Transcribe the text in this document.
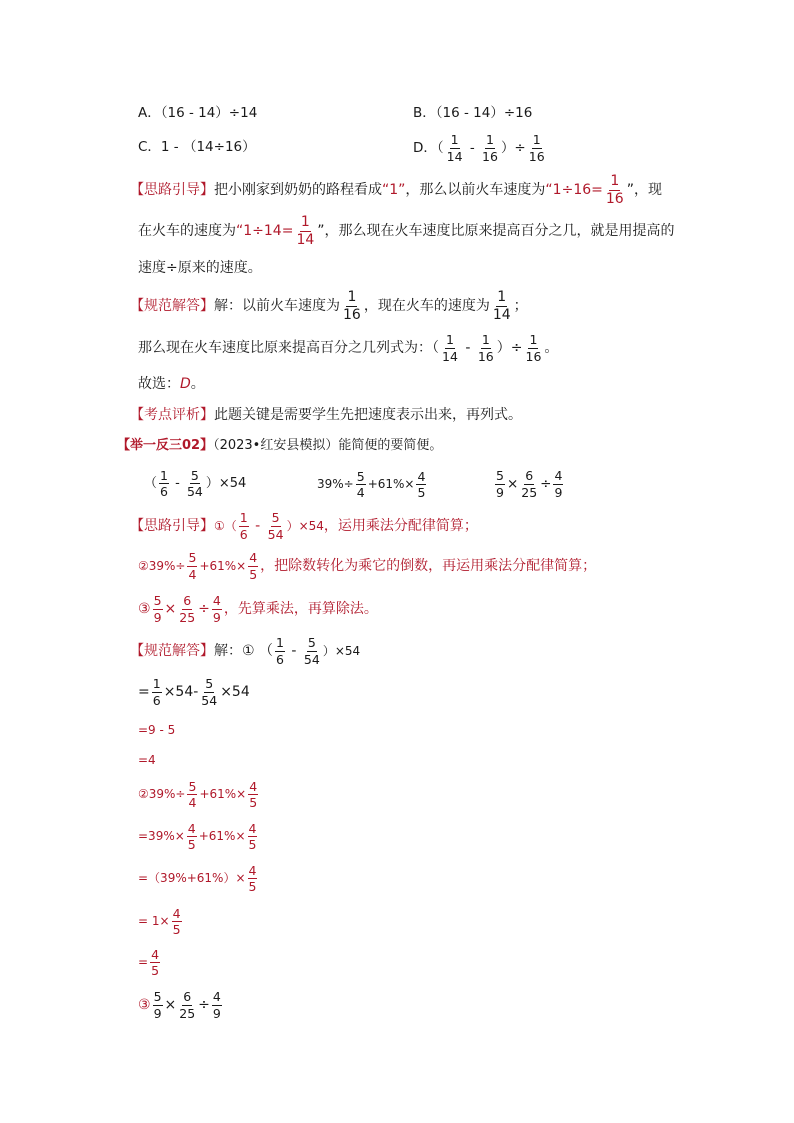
A．（16 - 14）÷14	B．（16 - 14）÷16
C．1 - （14÷16）	D．（ $\frac{1}{14} - \frac{1}{16}$ ）÷ $\frac{1}{16}$
【思路引导】把小刚家到奶奶的路程看成“1”，那么以前火车速度为“$1\div 16= \frac{1}{16}$ ”，现
在火车的速度为“$1\div 14= \frac{1}{14}$ ”，那么现在火车速度比原来提高百分之几，就是用提高的
速度÷原来的速度。
【规范解答】解：以前火车速度为 $\frac{1}{16}$ ，现在火车的速度为 $\frac{1}{14}$ ；
那么现在火车速度比原来提高百分之几列式为：（ $\frac{1}{14} - \frac{1}{16}$ ）÷ $\frac{1}{16}$ 。
故选：D。
【考点评析】此题关键是需要学生先把速度表示出来，再列式。
【举一反三02】（2023•红安县模拟）能简便的要简便。
（ $\frac{1}{6} - \frac{5}{54} )\times 54$	$39\%\div \frac{5}{4} +61\%\times \frac{4}{5}$	$\frac{5}{9} \times \frac{6}{25} \div \frac{4}{9}$
【思路引导】①（ $\frac{1}{6} - \frac{5}{54} )\times 54$，运用乘法分配律简算；
②39%÷ $\frac{5}{4} +61\%\times \frac{4}{5}$ ，把除数转化为乘它的倒数，再运用乘法分配律简算；
③ $\frac{5}{9} \times \frac{6}{25} \div \frac{4}{9}$ ，先算乘法，再算除法。
【规范解答】解：① （ $\frac{1}{6} - \frac{5}{54} )\times 54$
= $\frac{1}{6} \times 54- \frac{5}{54} \times 54$
=9 - 5
=4
②39%÷ $\frac{5}{4} +61\%\times \frac{4}{5}$
$=39\%\times \frac{4}{5} +61\%\times \frac{4}{5}$
$=(39\%+61\%)\times \frac{4}{5}$
= $1\times \frac{4}{5}$
= $\frac{4}{5}$
③ $\frac{5}{9} \times \frac{6}{25} \div \frac{4}{9}$
